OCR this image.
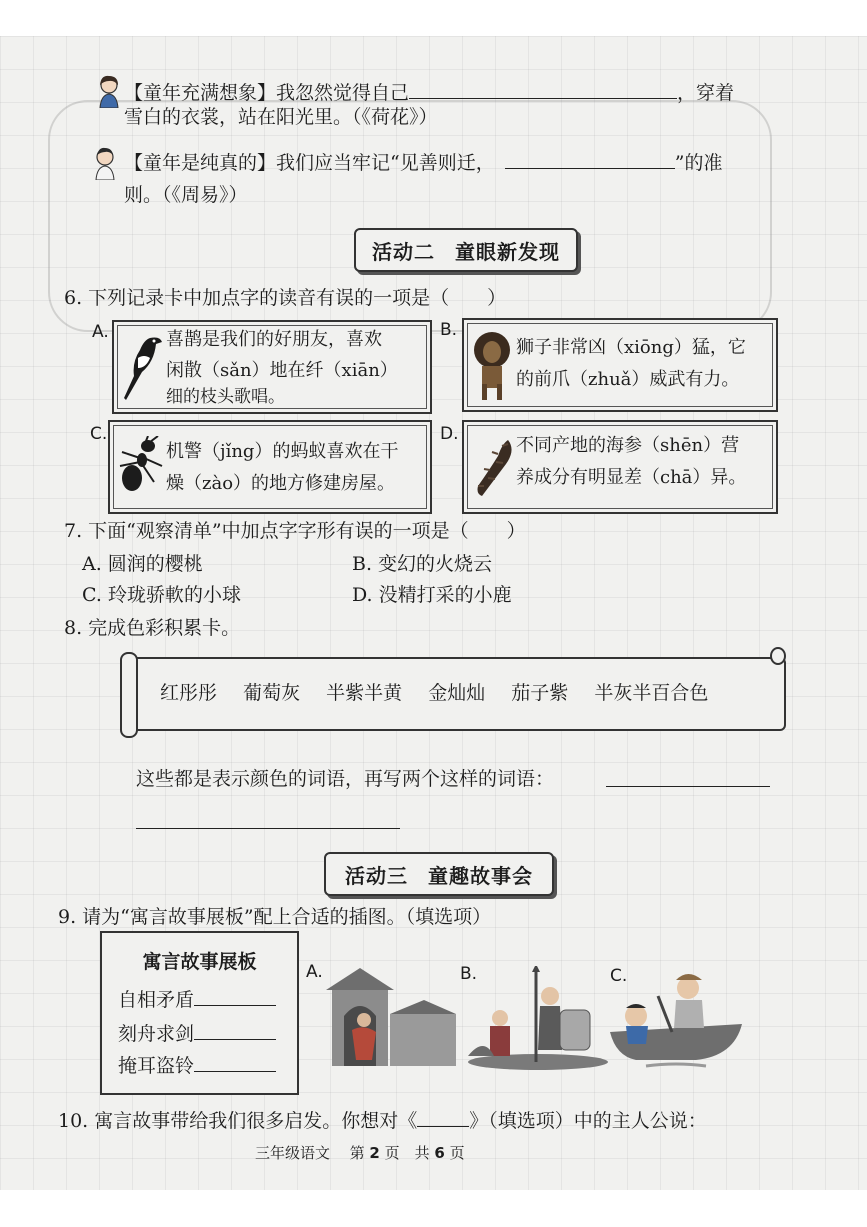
【童年充满想象】我忽然觉得自己	，穿着
雪白的衣裳，站在阳光里。（《荷花》）
【童年是纯真的】我们应当牢记“见善则迁，	”的准
则。（《周易》）
活动二 童眼新发现
6. 下列记录卡中加点字的读音有误的一项是（　　）
A.	喜鹊是我们的好朋友，喜欢
闲散（sǎn）地在纤（xiān）
细的枝头歌唱。
B.
狮子非常凶（xiōng）猛，它
的前爪（zhuǎ）威武有力。
C.
机警（jǐng）的蚂蚁喜欢在干
燥（zào）的地方修建房屋。
D.
不同产地的海参（shēn）营
养成分有明显差（chā）异。
7. 下面“观察清单”中加点字字形有误的一项是（　　）
A. 圆润的樱桃	B. 变幻的火烧云
C. 玲珑骄軟的小球	D. 没精打采的小鹿
8. 完成色彩积累卡。
红彤彤 葡萄灰 半紫半黄 金灿灿 茄子紫 半灰半百合色
这些都是表示颜色的词语，再写两个这样的词语：
活动三 童趣故事会
9. 请为“寓言故事展板”配上合适的插图。（填选项）
寓言故事展板
自相矛盾
刻舟求剑
掩耳盗铃
A.	B.	C.
10. 寓言故事带给我们很多启发。你想对《	》（填选项）中的主人公说：
三年级语文 第 2 页　共 6 页
